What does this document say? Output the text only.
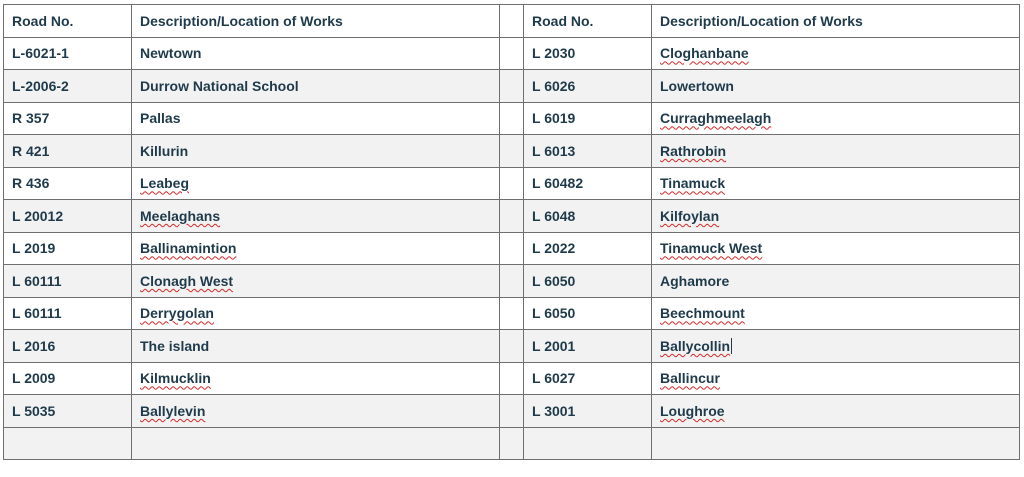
Road No.	Description/Location of Works		Road No.	Description/Location of Works
L-6021-1	Newtown		L 2030	Cloghanbane
L-2006-2	Durrow National School		L 6026	Lowertown
R 357	Pallas		L 6019	Curraghmeelagh
R 421	Killurin		L 6013	Rathrobin
R 436	Leabeg		L 60482	Tinamuck
L 20012	Meelaghans		L 6048	Kilfoylan
L 2019	Ballinamintion		L 2022	Tinamuck West
L 60111	Clonagh West		L 6050	Aghamore
L 60111	Derrygolan		L 6050	Beechmount
L 2016	The island		L 2001	Ballycollin
L 2009	Kilmucklin		L 6027	Ballincur
L 5035	Ballylevin		L 3001	Loughroe
